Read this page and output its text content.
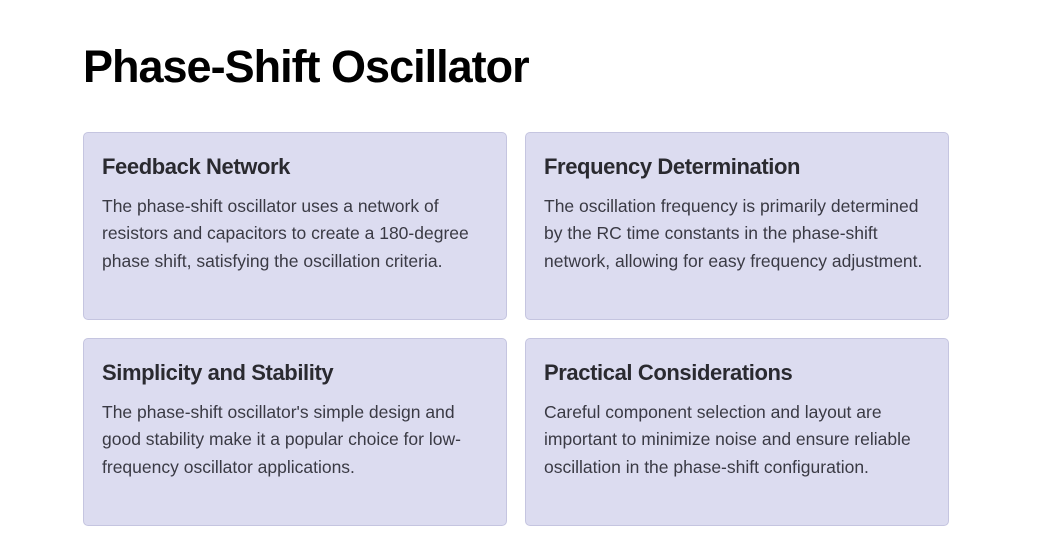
Phase-Shift Oscillator
Feedback Network

The phase-shift oscillator uses a network of resistors and capacitors to create a 180-degree phase shift, satisfying the oscillation criteria.

Frequency Determination

The oscillation frequency is primarily determined by the RC time constants in the phase-shift network, allowing for easy frequency adjustment.

Simplicity and Stability

The phase-shift oscillator's simple design and good stability make it a popular choice for low-frequency oscillator applications.

Practical Considerations

Careful component selection and layout are important to minimize noise and ensure reliable oscillation in the phase-shift configuration.
